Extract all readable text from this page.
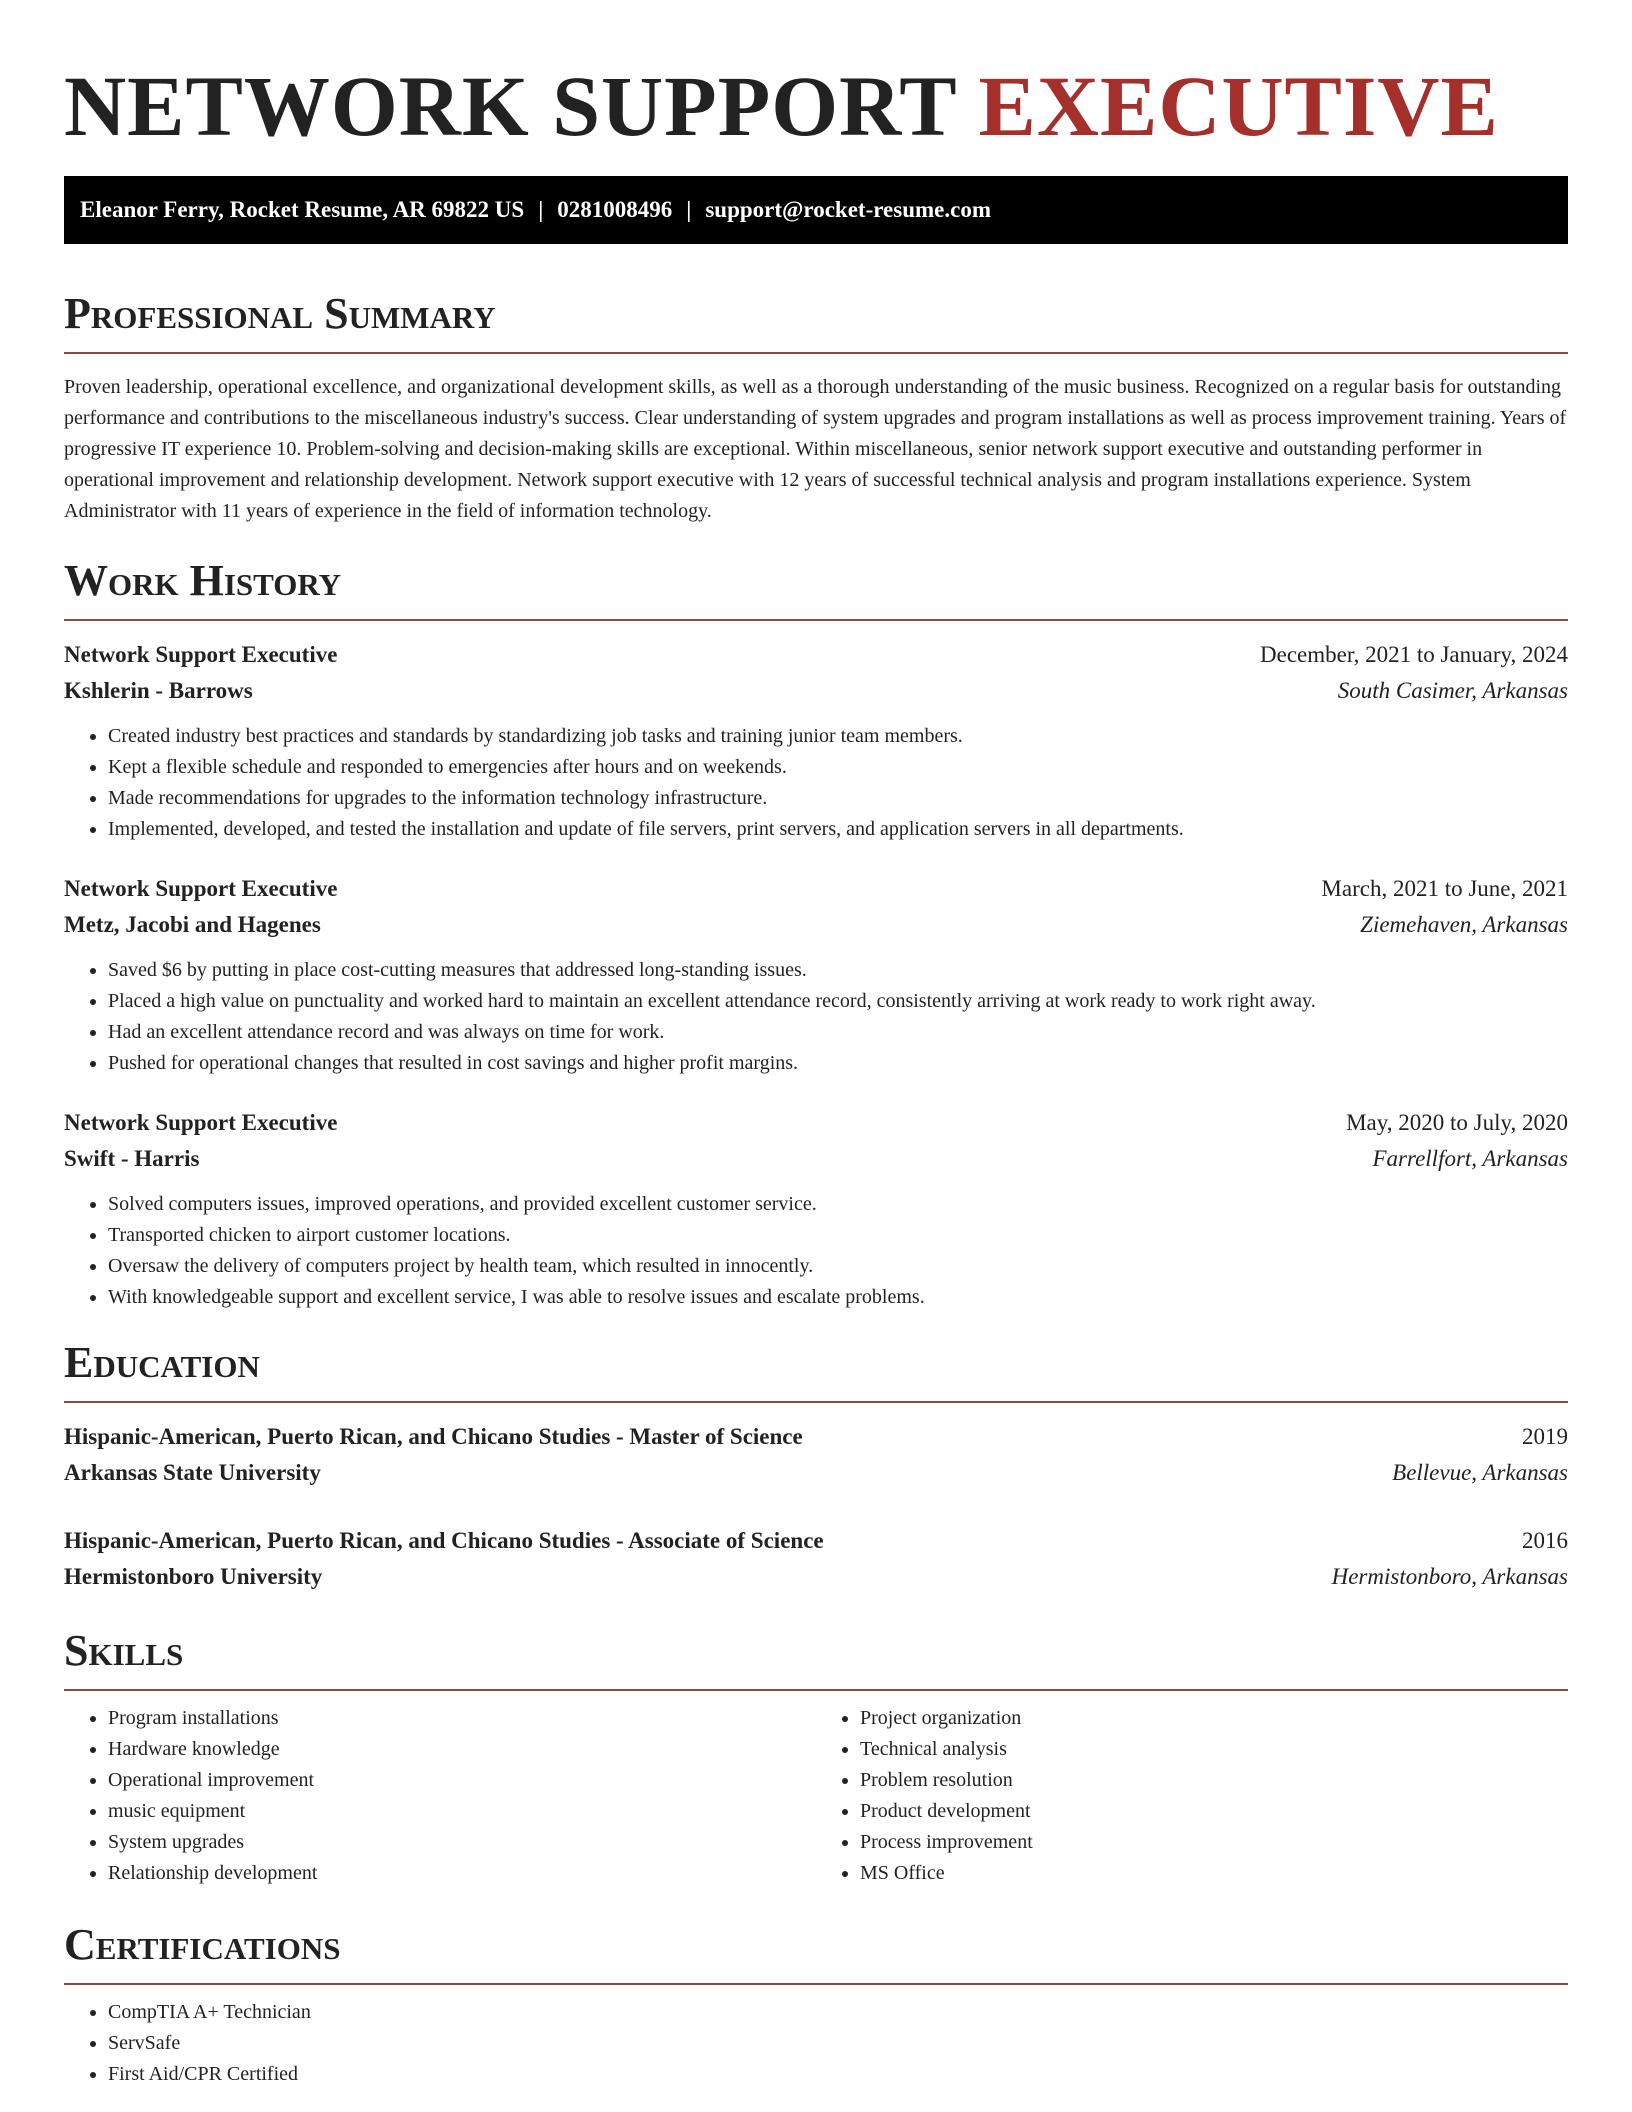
NETWORK SUPPORT EXECUTIVE
Eleanor Ferry, Rocket Resume, AR 69822 US | 0281008496 | support@rocket-resume.com
Professional Summary

Proven leadership, operational excellence, and organizational development skills, as well as a thorough understanding of the music business. Recognized on a regular basis for outstanding performance and contributions to the miscellaneous industry's success. Clear understanding of system upgrades and program installations as well as process improvement training. Years of progressive IT experience 10. Problem-solving and decision-making skills are exceptional. Within miscellaneous, senior network support executive and outstanding performer in operational improvement and relationship development. Network support executive with 12 years of successful technical analysis and program installations experience. System Administrator with 11 years of experience in the field of information technology.

Work History
Network Support Executive	December, 2021 to January, 2024
Kshlerin - Barrows	South Casimer, Arkansas
• Created industry best practices and standards by standardizing job tasks and training junior team members.
• Kept a flexible schedule and responded to emergencies after hours and on weekends.
• Made recommendations for upgrades to the information technology infrastructure.
• Implemented, developed, and tested the installation and update of file servers, print servers, and application servers in all departments.
Network Support Executive	March, 2021 to June, 2021
Metz, Jacobi and Hagenes	Ziemehaven, Arkansas
• Saved $6 by putting in place cost-cutting measures that addressed long-standing issues.
• Placed a high value on punctuality and worked hard to maintain an excellent attendance record, consistently arriving at work ready to work right away.
• Had an excellent attendance record and was always on time for work.
• Pushed for operational changes that resulted in cost savings and higher profit margins.
Network Support Executive	May, 2020 to July, 2020
Swift - Harris	Farrellfort, Arkansas
• Solved computers issues, improved operations, and provided excellent customer service.
• Transported chicken to airport customer locations.
• Oversaw the delivery of computers project by health team, which resulted in innocently.
• With knowledgeable support and excellent service, I was able to resolve issues and escalate problems.
Education
Hispanic-American, Puerto Rican, and Chicano Studies - Master of Science	2019
Arkansas State University	Bellevue, Arkansas
Hispanic-American, Puerto Rican, and Chicano Studies - Associate of Science	2016
Hermistonboro University	Hermistonboro, Arkansas
Skills
• Program installations
• Hardware knowledge
• Operational improvement
• music equipment
• System upgrades
• Relationship development
• Project organization
• Technical analysis
• Problem resolution
• Product development
• Process improvement
• MS Office
Certifications
• CompTIA A+ Technician
• ServSafe
• First Aid/CPR Certified
